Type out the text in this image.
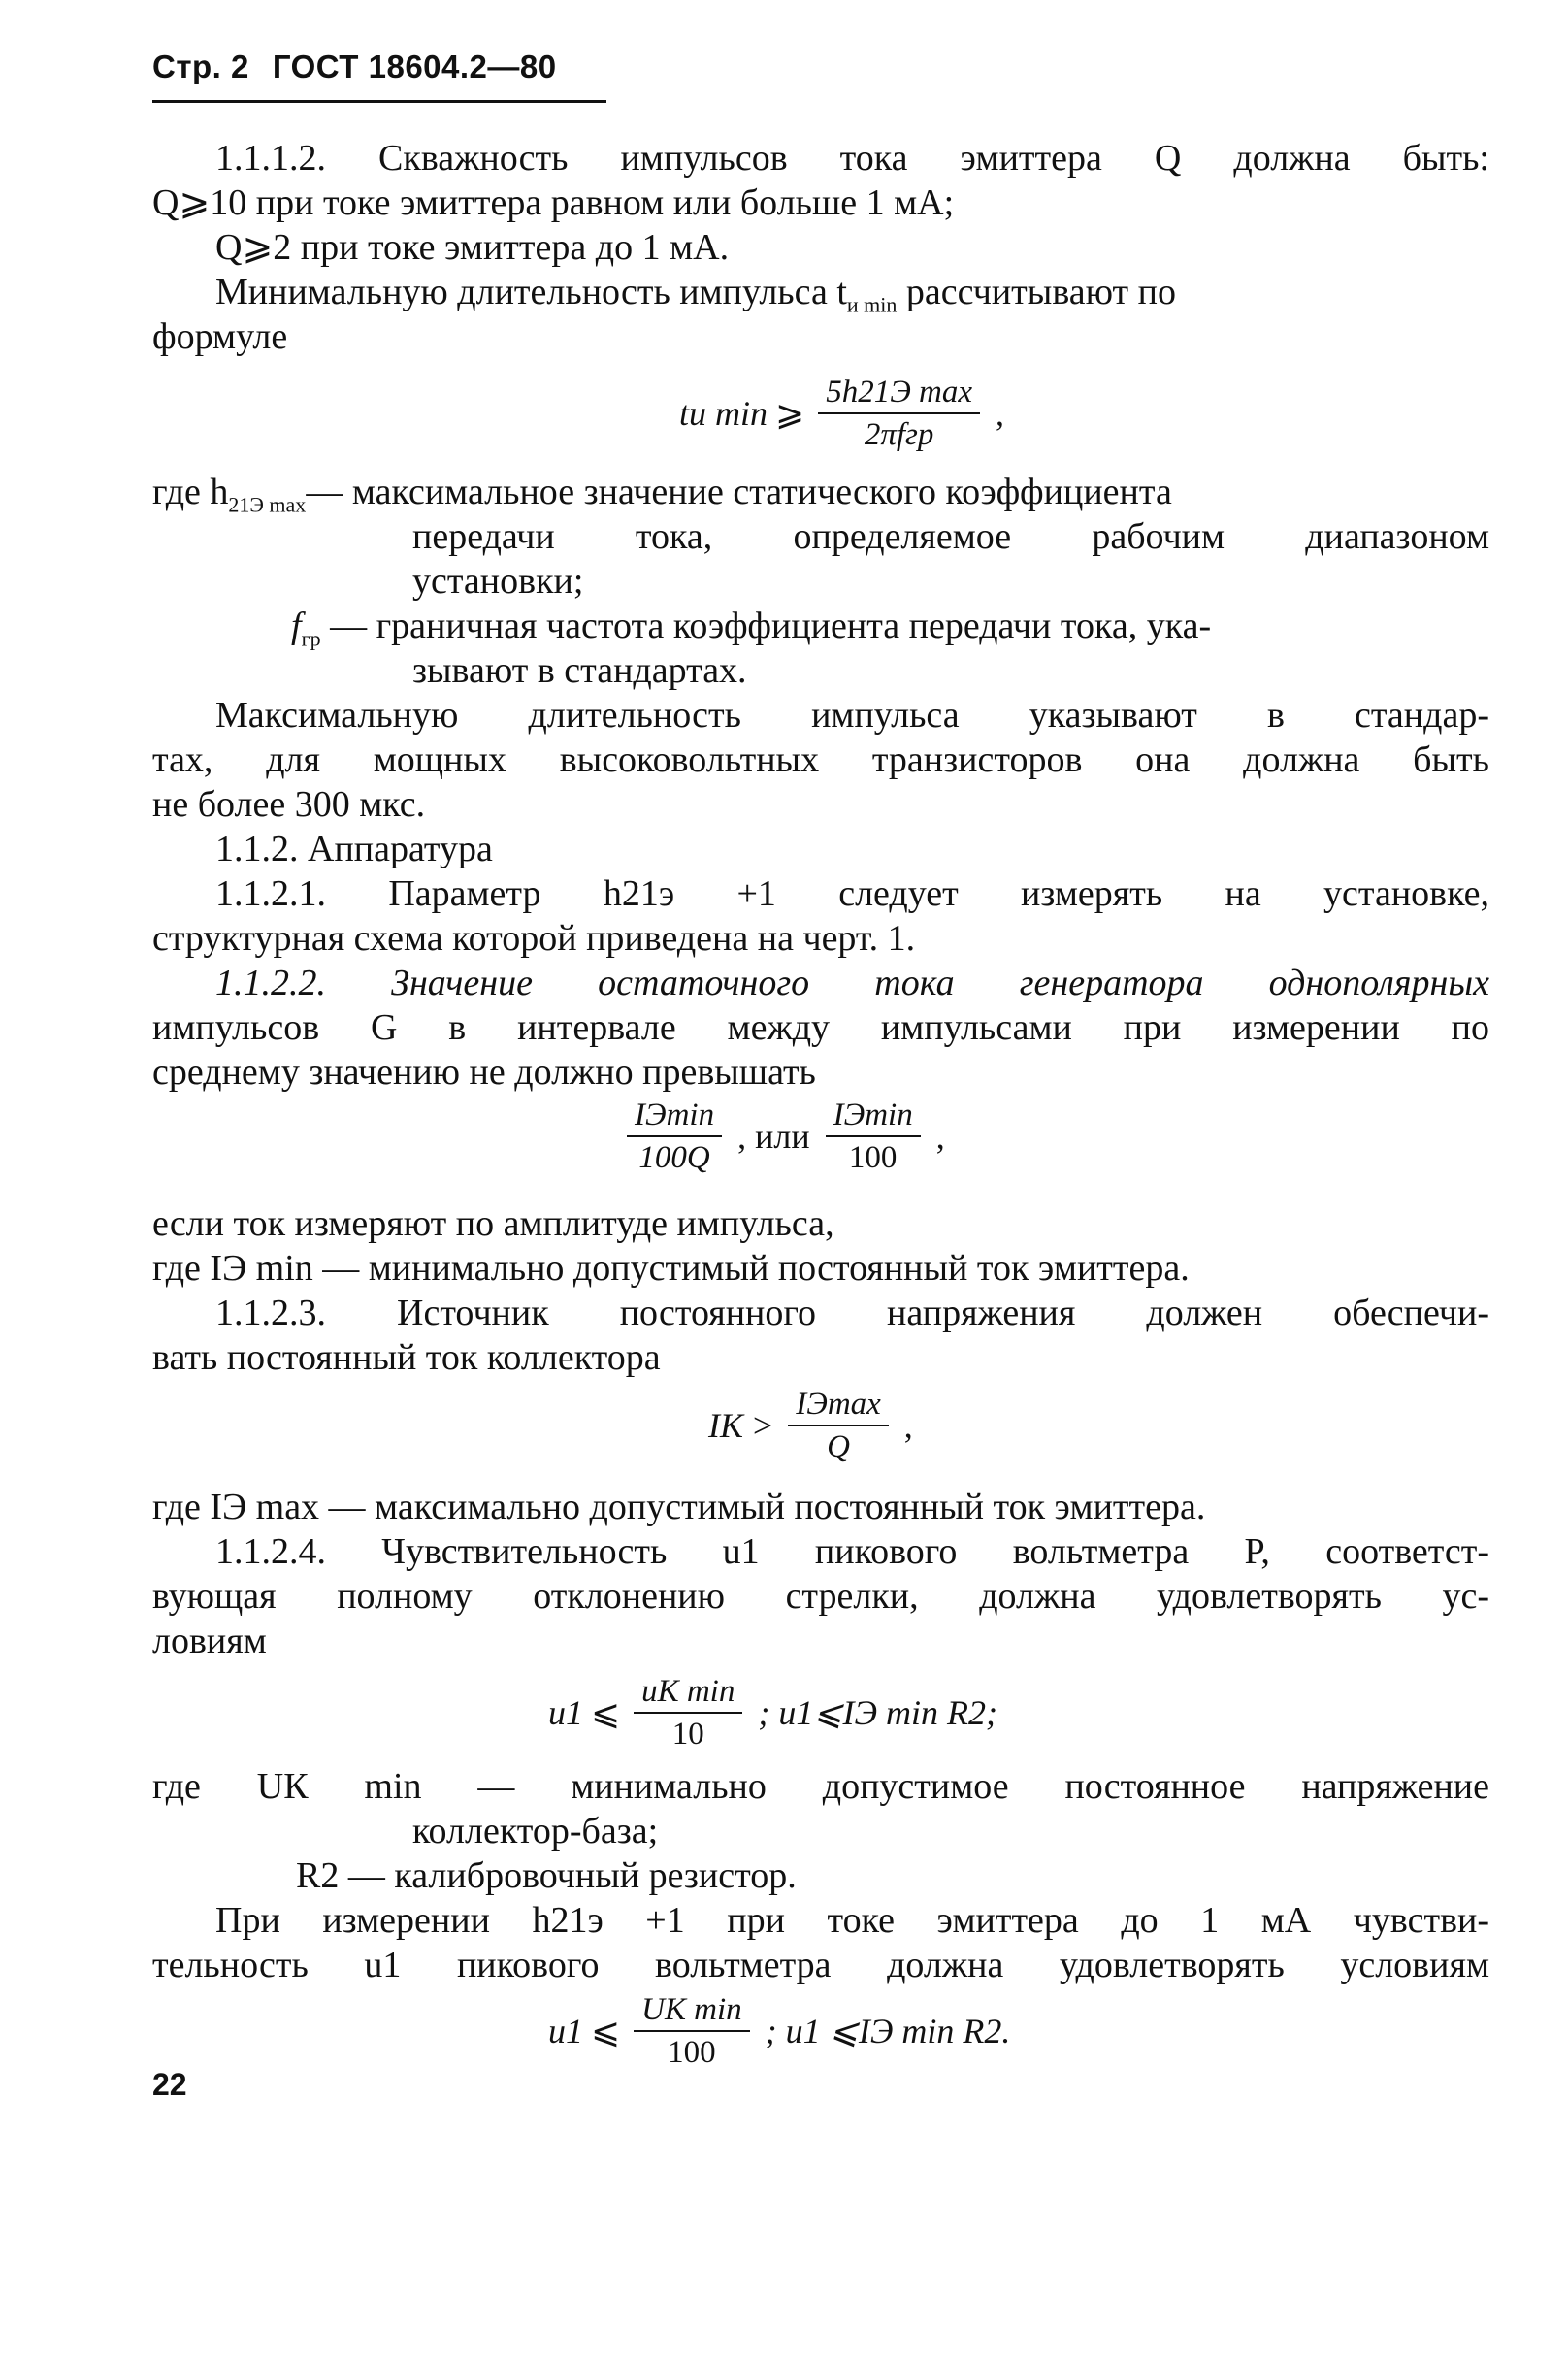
Стр. 2 ГОСТ 18604.2—80
1.1.1.2. Скважность импульсов тока эмиттера Q должна быть:
Q⩾10 при токе эмиттера равном или больше 1 мА;
Q⩾2 при токе эмиттера до 1 мА.
Минимальную длительность импульса $t_{и min}$ рассчитывают по
формуле
tи min ⩾ $\frac{\text{5h21Э max}}{\text{2πfгр}}$ ,
где $h_{21Э max}—$ максимальное значение статического коэффициента
передачи тока, определяемое рабочим диапазоном
установки;
$f_{гр}$ — граничная частота коэффициента передачи тока, ука-
зывают в стандартах.
Максимальную длительность импульса указывают в стандар-
тах, для мощных высоковольтных транзисторов она должна быть
не более 300 мкс.
1.1.2. Аппаратура
1.1.2.1. Параметр h21э +1 следует измерять на установке,
структурная схема которой приведена на черт. 1.
1.1.2.2. Значение остаточного тока генератора однополярных
импульсов G в интервале между импульсами при измерении по
среднему значению не должно превышать
$\frac{IЭ\min}{100Q}$ , или $\frac{IЭ\min}{100}$ ,
если ток измеряют по амплитуде импульса,
где IЭ min — минимально допустимый постоянный ток эмиттера.
1.1.2.3. Источник постоянного напряжения должен обеспечи-
вать постоянный ток коллектора
IК > $\frac{IЭ\max}{Q}$ ,
где IЭ max — максимально допустимый постоянный ток эмиттера.
1.1.2.4. Чувствительность u1 пикового вольтметра P, соответст-
вующая полному отклонению стрелки, должна удовлетворять ус-
ловиям
u1 ⩽ $\frac{\text{uК min}}{10}$ ; u1⩽IЭ min R2;
где UК min — минимально допустимое постоянное напряжение
коллектор-база;
R2 — калибровочный резистор.
При измерении h21э +1 при токе эмиттера до 1 мА чувстви-
тельность u1 пикового вольтметра должна удовлетворять условиям
u1 ⩽ $\frac{\text{UК min}}{100}$ ; u1 ⩽IЭ min R2.
22
